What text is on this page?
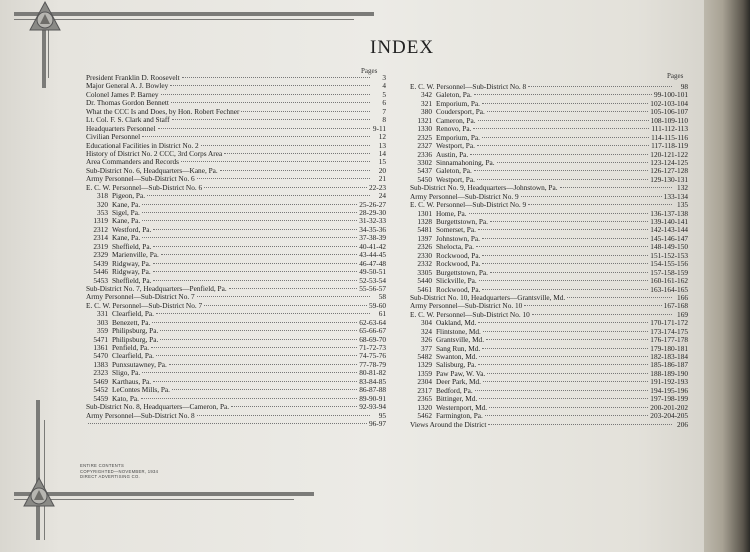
INDEX
Pages
Pages
President Franklin D. Roosevelt	3
Major General A. J. Bowley	4
Colonel James P. Barney	5
Dr. Thomas Gordon Bennett	6
What the CCC Is and Does, by Hon. Robert Fechner	7
Lt. Col. F. S. Clark and Staff	8
Headquarters Personnel	9-11
Civilian Personnel	12
Educational Facilities in District No. 2	13
History of District No. 2 CCC, 3rd Corps Area	14
Area Commanders and Records	15
Sub-District No. 6, Headquarters—Kane, Pa.	20
Army Personnel—Sub-District No. 6	21
E. C. W. Personnel—Sub-District No. 6	22-23
318 Pigeon, Pa.	24
320 Kane, Pa.	25-26-27
353 Sigel, Pa.	28-29-30
1319 Kane, Pa.	31-32-33
2312 Westford, Pa.	34-35-36
2314 Kane, Pa.	37-38-39
2319 Sheffield, Pa.	40-41-42
2329 Marienville, Pa.	43-44-45
5439 Ridgway, Pa.	46-47-48
5446 Ridgway, Pa.	49-50-51
5453 Sheffield, Pa.	52-53-54
Sub-District No. 7, Headquarters—Penfield, Pa.	55-56-57
Army Personnel—Sub-District No. 7	58
E. C. W. Personnel—Sub-District No. 7	59-60
331 Clearfield, Pa.	61
303 Benezett, Pa.	62-63-64
359 Philipsburg, Pa.	65-66-67
5471 Philipsburg, Pa.	68-69-70
1361 Penfield, Pa.	71-72-73
5470 Clearfield, Pa.	74-75-76
1383 Punxsutawney, Pa.	77-78-79
2323 Sligo, Pa.	80-81-82
5469 Karthaus, Pa.	83-84-85
5452 LeContes Mills, Pa.	86-87-88
5459 Kato, Pa.	89-90-91
Sub-District No. 8, Headquarters—Cameron, Pa.	92-93-94
Army Personnel—Sub-District No. 8	95
96-97
E. C. W. Personnel—Sub-District No. 8	98
342 Galeton, Pa.	99-100-101
321 Emporium, Pa.	102-103-104
380 Coudersport, Pa.	105-106-107
1321 Cameron, Pa.	108-109-110
1330 Renovo, Pa.	111-112-113
2325 Emporium, Pa.	114-115-116
2327 Westport, Pa.	117-118-119
2336 Austin, Pa.	120-121-122
3302 Sinnamahoning, Pa.	123-124-125
5437 Galeton, Pa.	126-127-128
5450 Westport, Pa.	129-130-131
Sub-District No. 9, Headquarters—Johnstown, Pa.	132
Army Personnel—Sub-District No. 9	133-134
E. C. W. Personnel—Sub-District No. 9	135
1301 Home, Pa.	136-137-138
1328 Burgettstown, Pa.	139-140-141
5481 Somerset, Pa.	142-143-144
1397 Johnstown, Pa.	145-146-147
2326 Shelocta, Pa.	148-149-150
2330 Rockwood, Pa.	151-152-153
2332 Rockwood, Pa.	154-155-156
3305 Burgettstown, Pa.	157-158-159
5440 Slickville, Pa.	160-161-162
5461 Rockwood, Pa.	163-164-165
Sub-District No. 10, Headquarters—Grantsville, Md.	166
Army Personnel—Sub-District No. 10	167-168
E. C. W. Personnel—Sub-District No. 10	169
304 Oakland, Md.	170-171-172
324 Flintstone, Md.	173-174-175
326 Grantsville, Md.	176-177-178
377 Sang Run, Md.	179-180-181
5482 Swanton, Md.	182-183-184
1329 Salisburg, Pa.	185-186-187
1359 Paw Paw, W. Va.	188-189-190
2304 Deer Park, Md.	191-192-193
2317 Bedford, Pa.	194-195-196
2365 Bittinger, Md.	197-198-199
1320 Westernport, Md.	200-201-202
5462 Farmington, Pa.	203-204-205
Views Around the District	206
ENTIRE CONTENTS
COPYRIGHTED—NOVEMBER, 1934
DIRECT ADVERTISING CO.
